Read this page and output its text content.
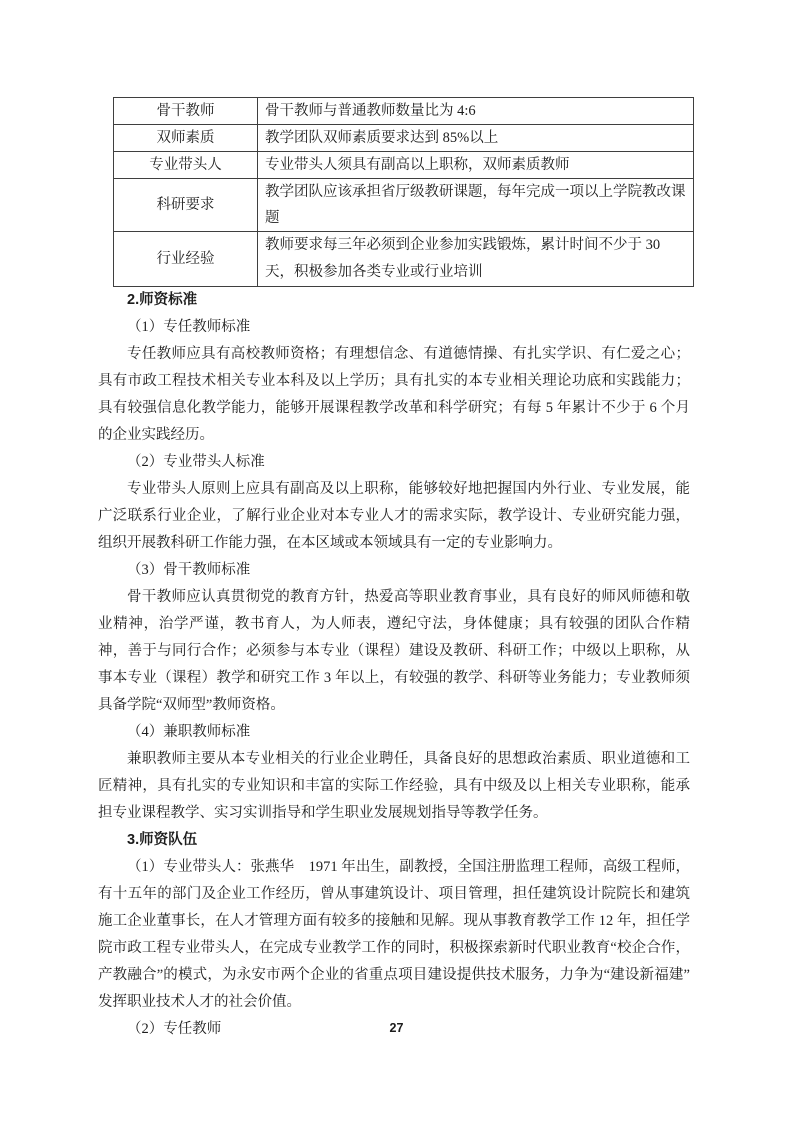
骨干教师	骨干教师与普通教师数量比为 4:6
双师素质	教学团队双师素质要求达到 85%以上
专业带头人	专业带头人须具有副高以上职称，双师素质教师
科研要求	教学团队应该承担省厅级教研课题，每年完成一项以上学院教改课题
行业经验	教师要求每三年必须到企业参加实践锻炼，累计时间不少于 30 天，积极参加各类专业或行业培训
2.师资标准

（1）专任教师标准

专任教师应具有高校教师资格；有理想信念、有道德情操、有扎实学识、有仁爱之心；具有市政工程技术相关专业本科及以上学历；具有扎实的本专业相关理论功底和实践能力；具有较强信息化教学能力，能够开展课程教学改革和科学研究；有每 5 年累计不少于 6 个月的企业实践经历。

（2）专业带头人标准

专业带头人原则上应具有副高及以上职称，能够较好地把握国内外行业、专业发展，能广泛联系行业企业，了解行业企业对本专业人才的需求实际，教学设计、专业研究能力强，组织开展教科研工作能力强，在本区域或本领域具有一定的专业影响力。

（3）骨干教师标准

骨干教师应认真贯彻党的教育方针，热爱高等职业教育事业，具有良好的师风师德和敬业精神，治学严谨，教书育人，为人师表，遵纪守法，身体健康；具有较强的团队合作精神，善于与同行合作；必须参与本专业（课程）建设及教研、科研工作；中级以上职称，从事本专业（课程）教学和研究工作 3 年以上，有较强的教学、科研等业务能力；专业教师须具备学院“双师型”教师资格。

（4）兼职教师标准

兼职教师主要从本专业相关的行业企业聘任，具备良好的思想政治素质、职业道德和工匠精神，具有扎实的专业知识和丰富的实际工作经验，具有中级及以上相关专业职称，能承担专业课程教学、实习实训指导和学生职业发展规划指导等教学任务。

3.师资队伍

（1）专业带头人：张燕华　1971 年出生，副教授，全国注册监理工程师，高级工程师，有十五年的部门及企业工作经历，曾从事建筑设计、项目管理，担任建筑设计院院长和建筑施工企业董事长，在人才管理方面有较多的接触和见解。现从事教育教学工作 12 年，担任学院市政工程专业带头人，在完成专业教学工作的同时，积极探索新时代职业教育“校企合作，产教融合”的模式，为永安市两个企业的省重点项目建设提供技术服务，力争为“建设新福建”发挥职业技术人才的社会价值。

（2）专任教师	27
